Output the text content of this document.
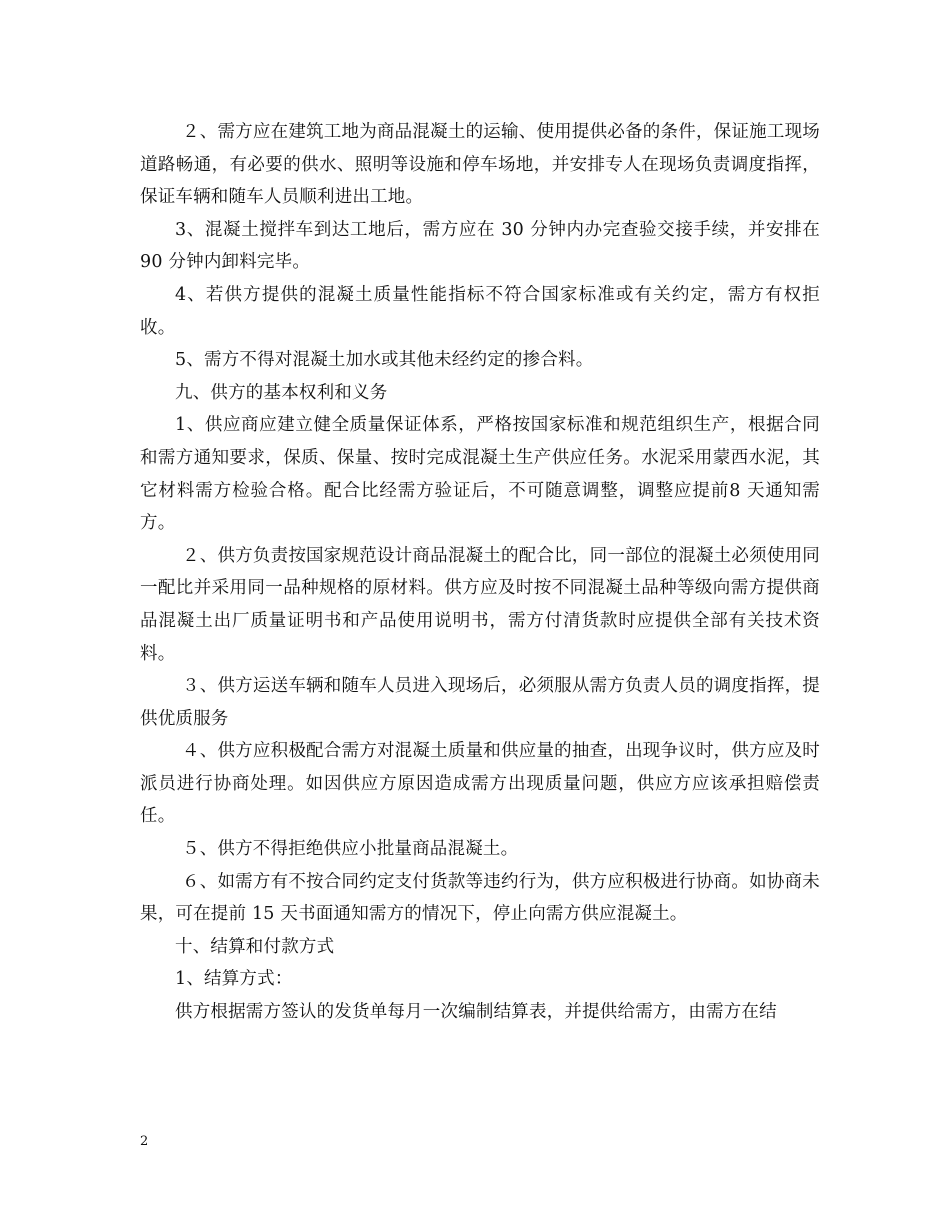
２、需方应在建筑工地为商品混凝土的运输、使用提供必备的条件，保证施工现场道路畅通，有必要的供水、照明等设施和停车场地，并安排专人在现场负责调度指挥，保证车辆和随车人员顺利进出工地。

3、混凝土搅拌车到达工地后，需方应在 30 分钟内办完查验交接手续，并安排在 90 分钟内卸料完毕。

4、若供方提供的混凝土质量性能指标不符合国家标准或有关约定，需方有权拒收。

5、需方不得对混凝土加水或其他未经约定的掺合料。

九、供方的基本权利和义务

1、供应商应建立健全质量保证体系，严格按国家标准和规范组织生产，根据合同和需方通知要求，保质、保量、按时完成混凝土生产供应任务。水泥采用蒙西水泥，其它材料需方检验合格。配合比经需方验证后，不可随意调整，调整应提前8 天通知需方。

２、供方负责按国家规范设计商品混凝土的配合比，同一部位的混凝土必须使用同一配比并采用同一品种规格的原材料。供方应及时按不同混凝土品种等级向需方提供商品混凝土出厂质量证明书和产品使用说明书，需方付清货款时应提供全部有关技术资料。

３、供方运送车辆和随车人员进入现场后，必须服从需方负责人员的调度指挥，提供优质服务

４、供方应积极配合需方对混凝土质量和供应量的抽查，出现争议时，供方应及时派员进行协商处理。如因供应方原因造成需方出现质量问题，供应方应该承担赔偿责任。

５、供方不得拒绝供应小批量商品混凝土。

６、如需方有不按合同约定支付货款等违约行为，供方应积极进行协商。如协商未果，可在提前 15 天书面通知需方的情况下，停止向需方供应混凝土。

十、结算和付款方式

1、结算方式：

供方根据需方签认的发货单每月一次编制结算表，并提供给需方，由需方在结

2
